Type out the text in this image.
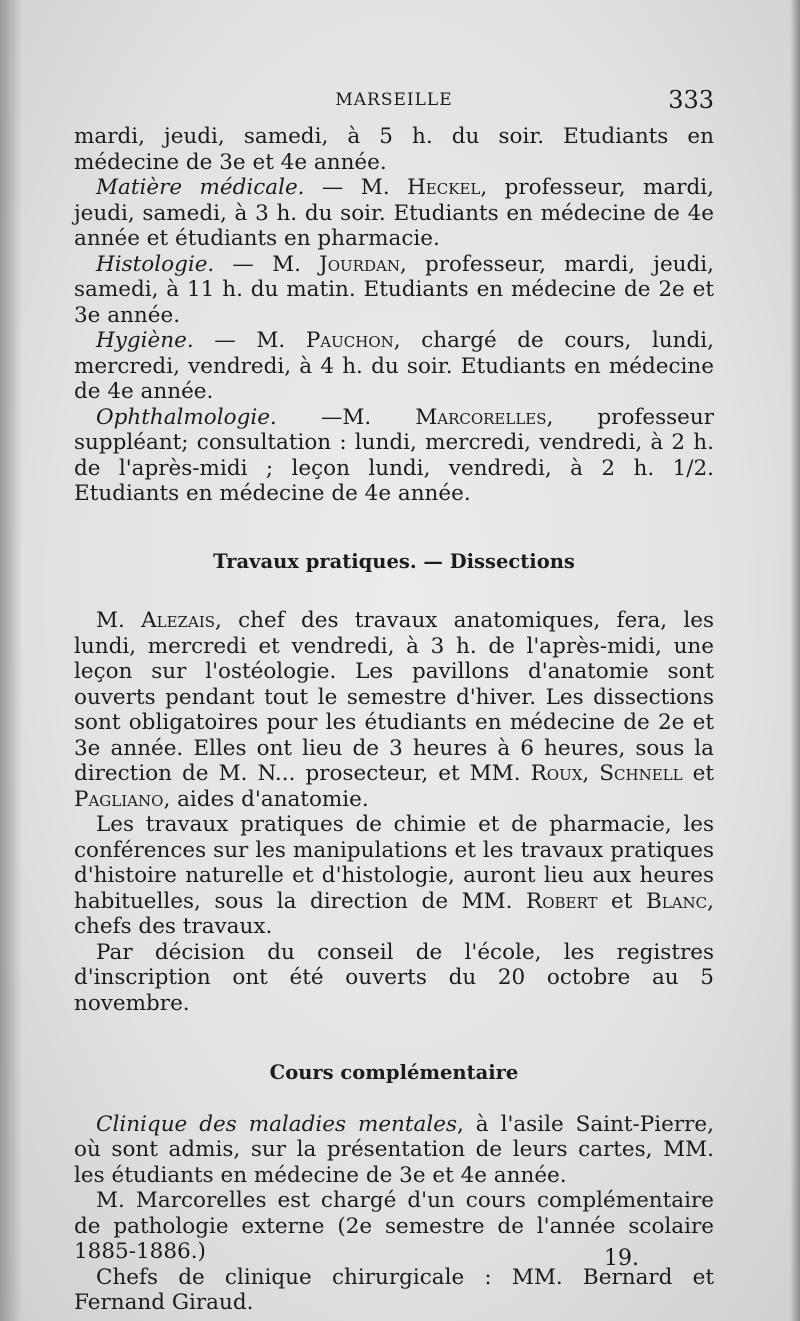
MARSEILLE	333

mardi, jeudi, samedi, à 5 h. du soir. Etudiants en médecine de 3e et 4e année.

Matière médicale. — M. Heckel, professeur, mardi, jeudi, samedi, à 3 h. du soir. Etudiants en médecine de 4e année et étudiants en pharmacie.

Histologie. — M. Jourdan, professeur, mardi, jeudi, samedi, à 11 h. du matin. Etudiants en médecine de 2e et 3e année.

Hygiène. — M. Pauchon, chargé de cours, lundi, mercredi, vendredi, à 4 h. du soir. Etudiants en médecine de 4e année.

Ophthalmologie. —M. Marcorelles, professeur suppléant; consultation : lundi, mercredi, vendredi, à 2 h. de l'après-midi ; leçon lundi, vendredi, à 2 h. 1/2. Etudiants en médecine de 4e année.

Travaux pratiques. — Dissections

M. Alezais, chef des travaux anatomiques, fera, les lundi, mercredi et vendredi, à 3 h. de l'après-midi, une leçon sur l'ostéologie. Les pavillons d'anatomie sont ouverts pendant tout le semestre d'hiver. Les dissections sont obligatoires pour les étudiants en médecine de 2e et 3e année. Elles ont lieu de 3 heures à 6 heures, sous la direction de M. N... prosecteur, et MM. Roux, Schnell et Pagliano, aides d'anatomie.

Les travaux pratiques de chimie et de pharmacie, les conférences sur les manipulations et les travaux pratiques d'histoire naturelle et d'histologie, auront lieu aux heures habituelles, sous la direction de MM. Robert et Blanc, chefs des travaux.

Par décision du conseil de l'école, les registres d'inscription ont été ouverts du 20 octobre au 5 novembre.

Cours complémentaire

Clinique des maladies mentales, à l'asile Saint-Pierre, où sont admis, sur la présentation de leurs cartes, MM. les étudiants en médecine de 3e et 4e année.

M. Marcorelles est chargé d'un cours complémentaire de pathologie externe (2e semestre de l'année scolaire 1885-1886.)

Chefs de clinique chirurgicale : MM. Bernard et Fernand Giraud.

19.
